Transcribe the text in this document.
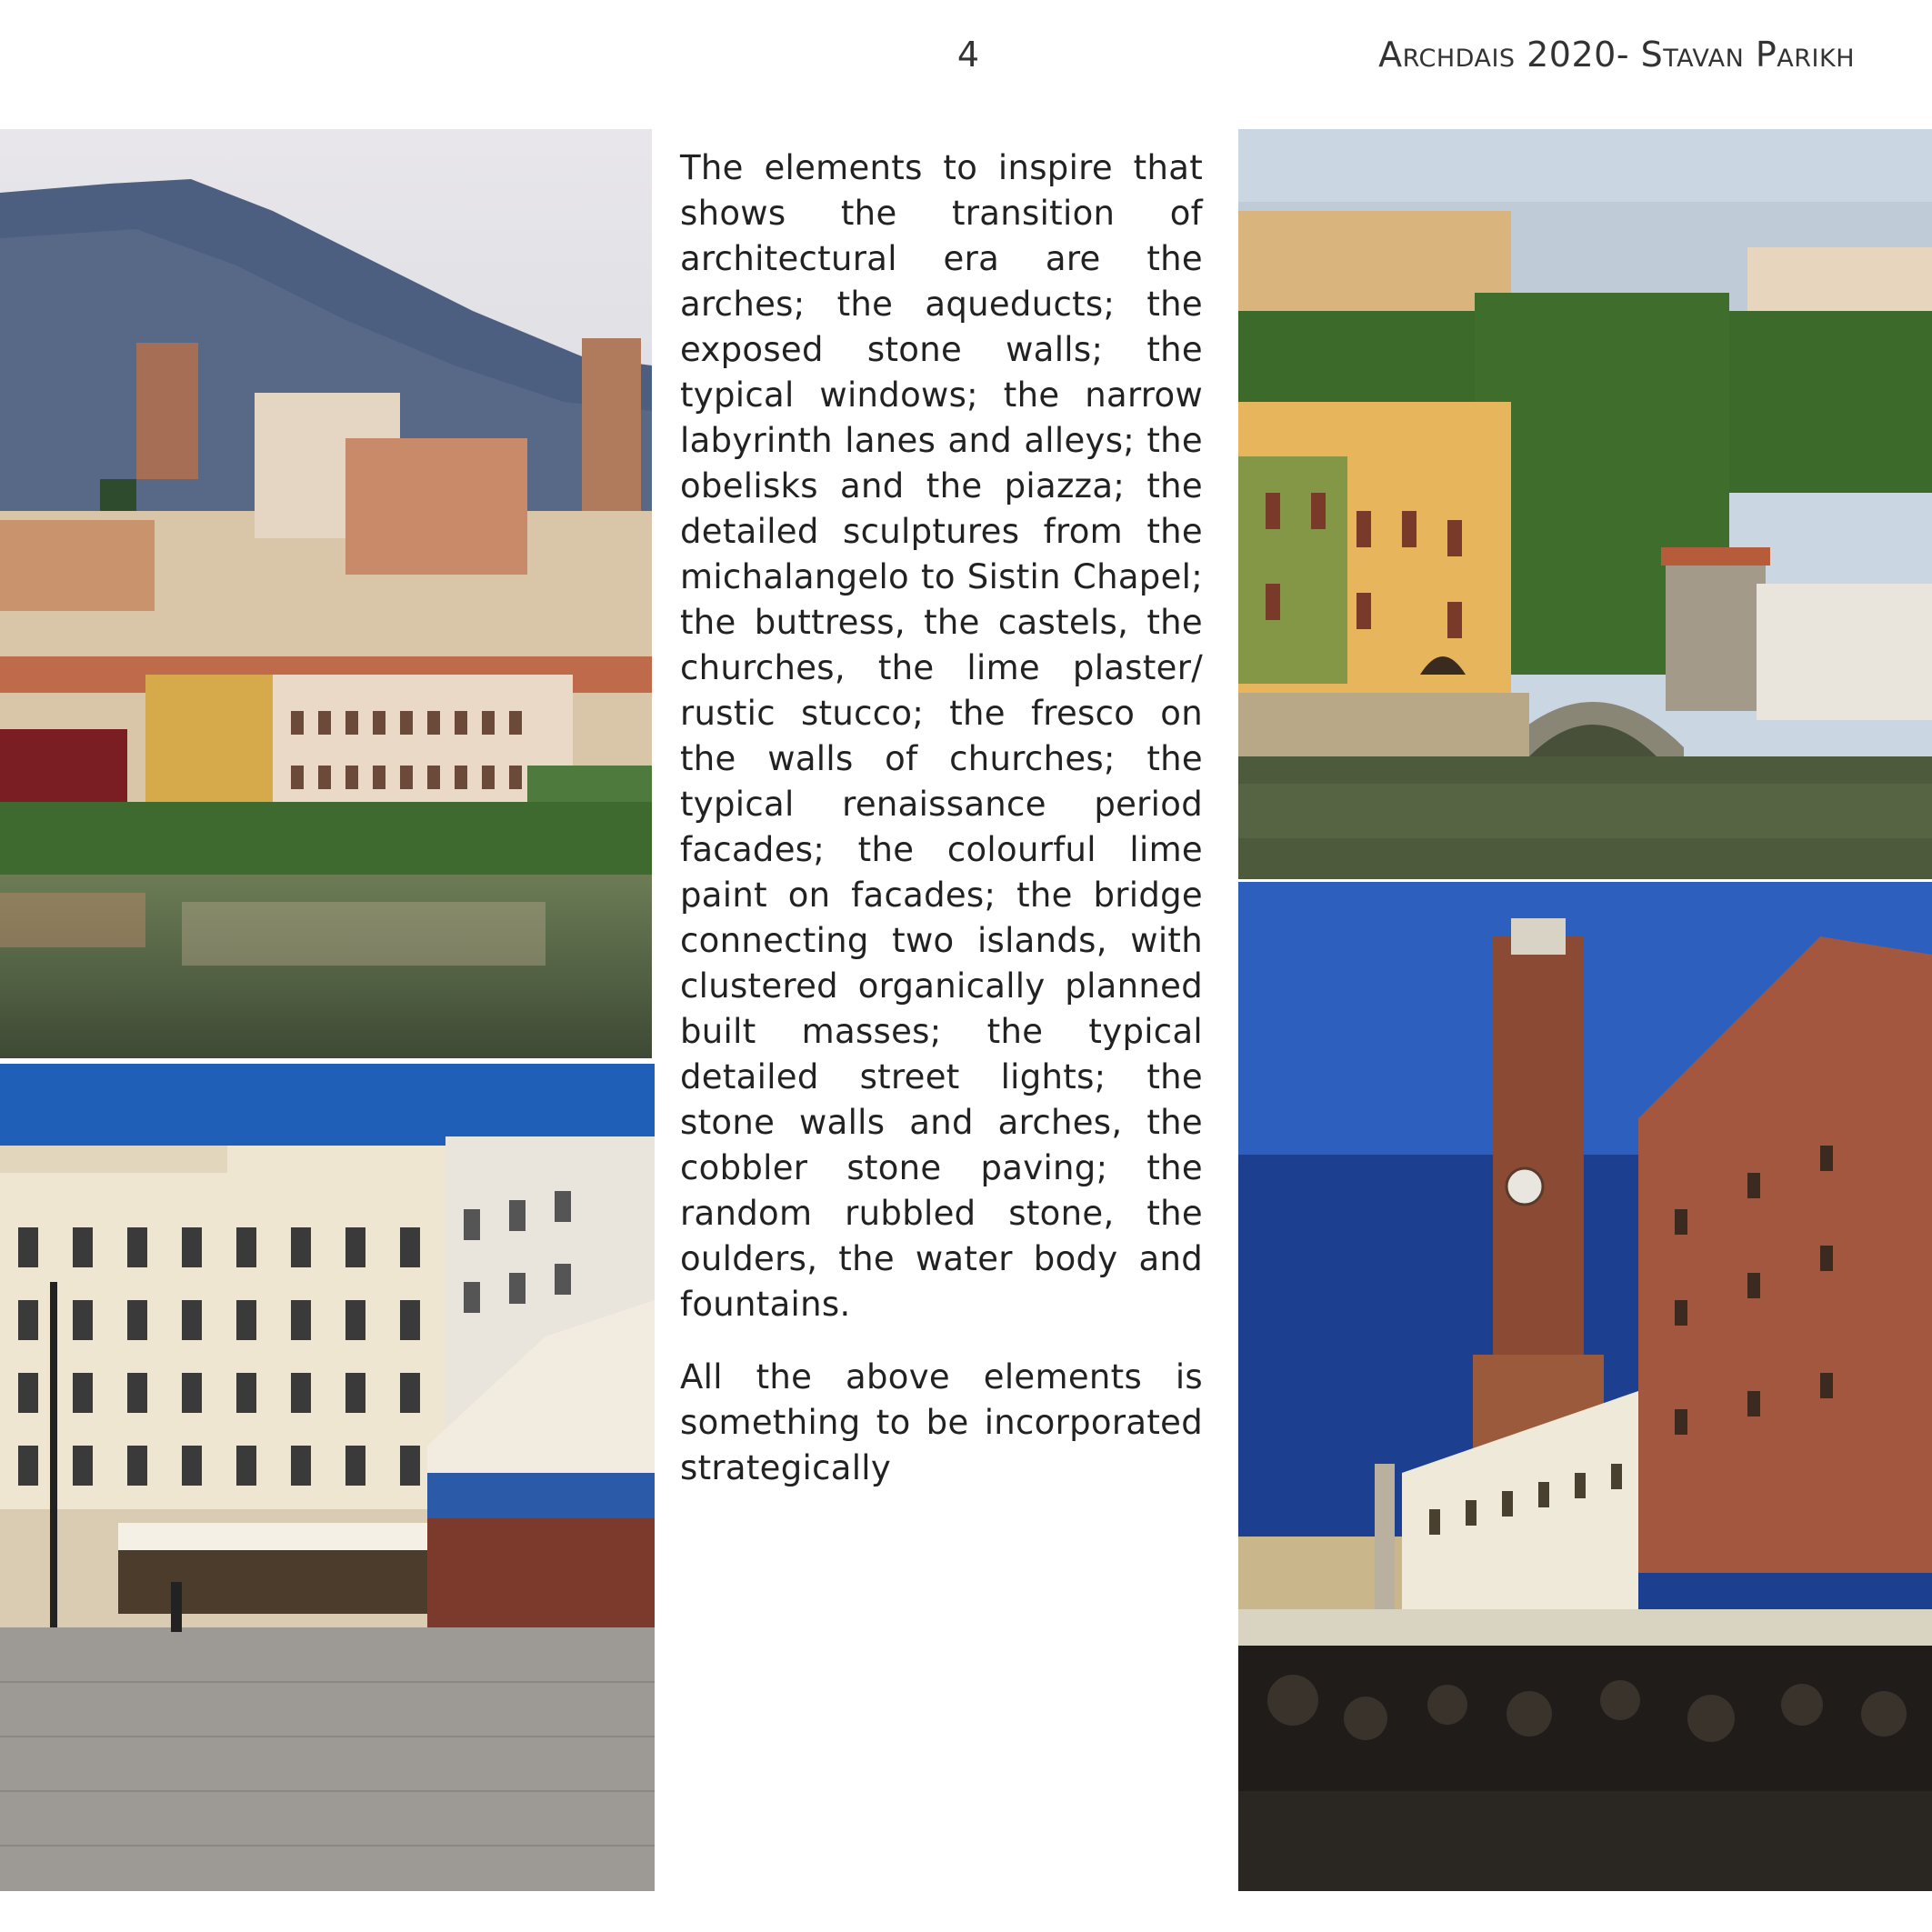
4	Archdais 2020- Stavan Parikh

The elements to inspire that shows the transition of architectural era are the arches; the aqueducts; the exposed stone walls; the typical windows; the narrow labyrinth lanes and alleys; the obelisks and the piazza; the detailed sculptures from the michalangelo to Sistin Chapel; the buttress, the castels, the churches, the lime plaster/ rustic stucco; the fresco on the walls of churches; the typical renaissance period facades; the colourful lime paint on facades; the bridge connecting two islands, with clustered organically planned built masses; the typical detailed street lights; the stone walls and arches, the cobbler stone paving; the random rubbled stone, the oulders, the water body and fountains.

All the above elements is something to be incorporated strategically
